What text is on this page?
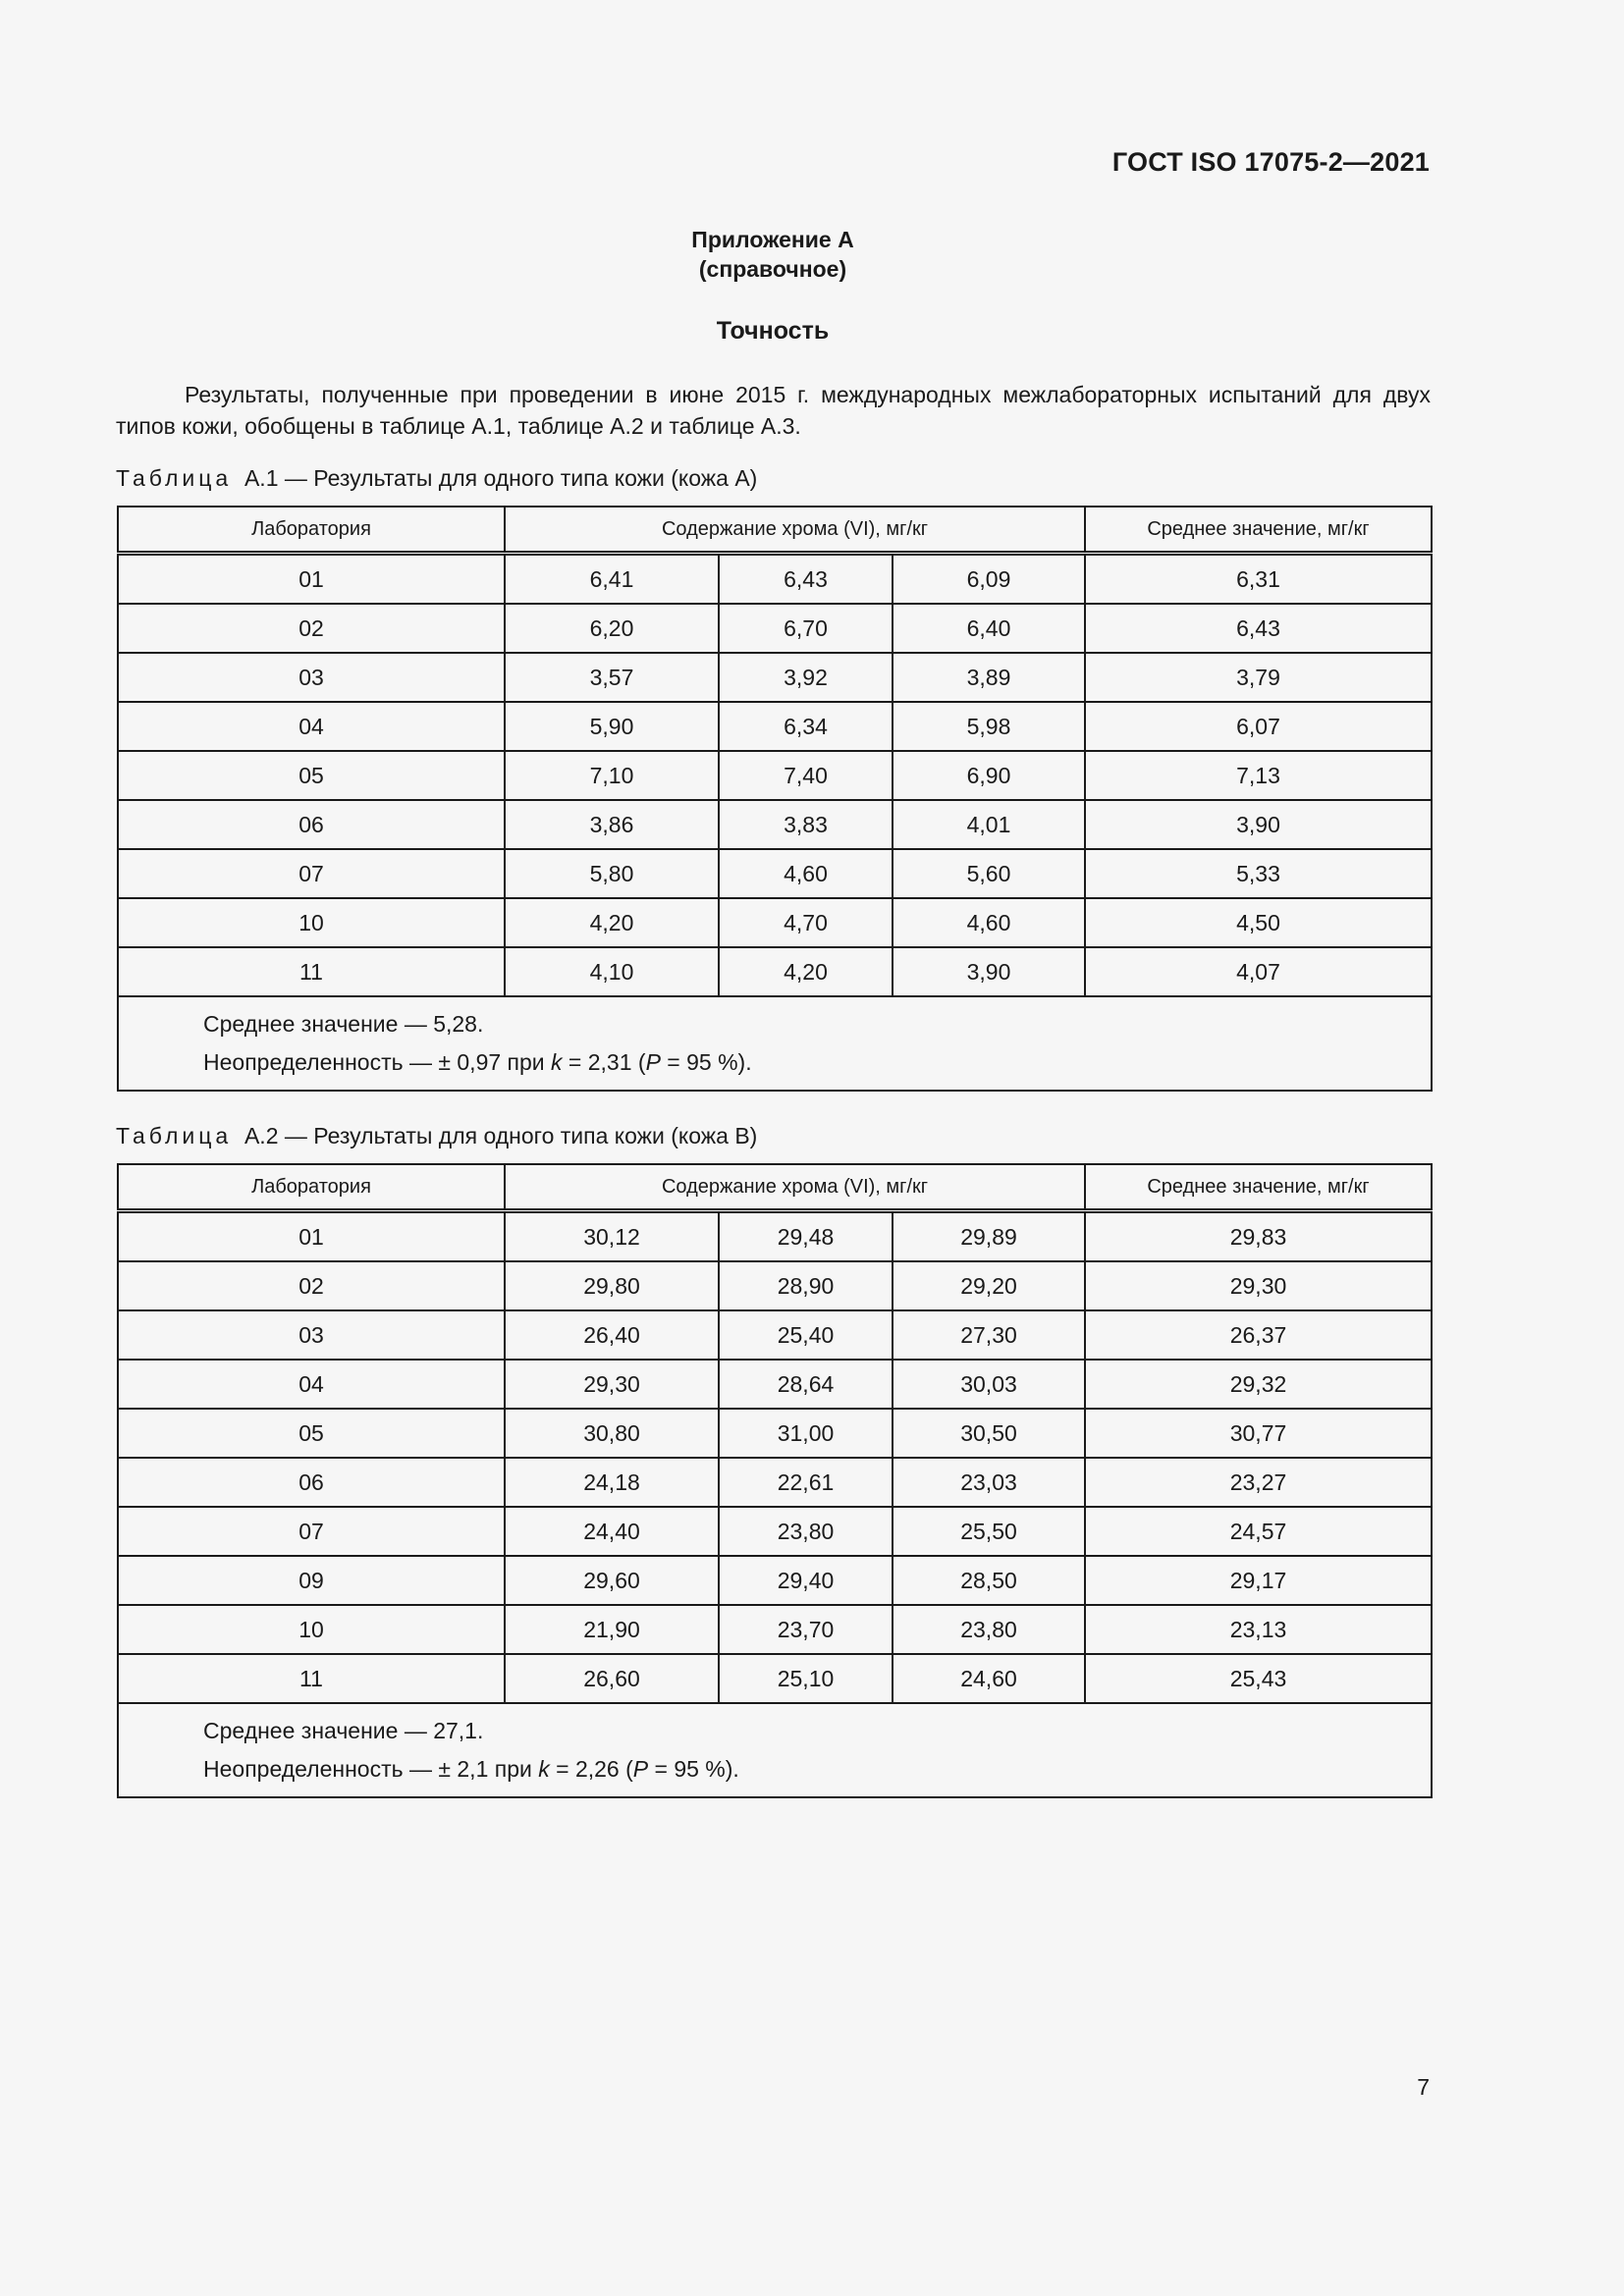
ГОСТ ISO 17075-2—2021
Приложение А
(справочное)
Точность
Результаты, полученные при проведении в июне 2015 г. международных межлабораторных испытаний для двух типов кожи, обобщены в таблице А.1, таблице А.2 и таблице А.3.
Таблица А.1 — Результаты для одного типа кожи (кожа А)
Лаборатория	Содержание хрома (VI), мг/кг			Среднее значение, мг/кг
01	6,41	6,43	6,09	6,31
02	6,20	6,70	6,40	6,43
03	3,57	3,92	3,89	3,79
04	5,90	6,34	5,98	6,07
05	7,10	7,40	6,90	7,13
06	3,86	3,83	4,01	3,90
07	5,80	4,60	5,60	5,33
10	4,20	4,70	4,60	4,50
11	4,10	4,20	3,90	4,07

Среднее значение — 5,28.
Неопределенность — ± 0,97 при k = 2,31 (P = 95 %).				
Таблица А.2 — Результаты для одного типа кожи (кожа В)
Лаборатория	Содержание хрома (VI), мг/кг			Среднее значение, мг/кг
01	30,12	29,48	29,89	29,83
02	29,80	28,90	29,20	29,30
03	26,40	25,40	27,30	26,37
04	29,30	28,64	30,03	29,32
05	30,80	31,00	30,50	30,77
06	24,18	22,61	23,03	23,27
07	24,40	23,80	25,50	24,57
09	29,60	29,40	28,50	29,17
10	21,90	23,70	23,80	23,13
11	26,60	25,10	24,60	25,43

Среднее значение — 27,1.
Неопределенность — ± 2,1 при k = 2,26 (P = 95 %).				
7
